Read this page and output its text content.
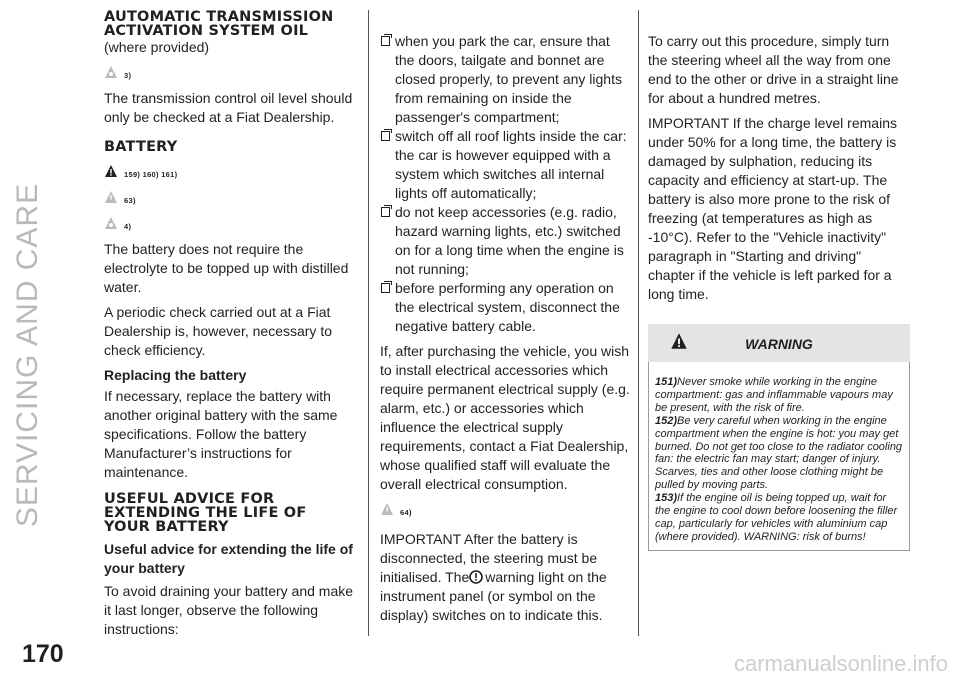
SERVICING AND CARE
170	carmanualsonline.info
AUTOMATIC TRANSMISSION ACTIVATION SYSTEM OIL
(where provided)
3)

The transmission control oil level should only be checked at a Fiat Dealership.

BATTERY
159) 160) 161)
63)
4)

The battery does not require the electrolyte to be topped up with distilled water.

A periodic check carried out at a Fiat Dealership is, however, necessary to check efficiency.

Replacing the battery

If necessary, replace the battery with another original battery with the same specifications. Follow the battery Manufacturer’s instructions for maintenance.

USEFUL ADVICE FOR EXTENDING THE LIFE OF YOUR BATTERY

Useful advice for extending the life of your battery

To avoid draining your battery and make it last longer, observe the following instructions:

when you park the car, ensure that the doors, tailgate and bonnet are closed properly, to prevent any lights from remaining on inside the passenger's compartment;

switch off all roof lights inside the car: the car is however equipped with a system which switches all internal lights off automatically;

do not keep accessories (e.g. radio, hazard warning lights, etc.) switched on for a long time when the engine is not running;

before performing any operation on the electrical system, disconnect the negative battery cable.

If, after purchasing the vehicle, you wish to install electrical accessories which require permanent electrical supply (e.g. alarm, etc.) or accessories which influence the electrical supply requirements, contact a Fiat Dealership, whose qualified staff will evaluate the overall electrical consumption.

64)

IMPORTANT After the battery is disconnected, the steering must be initialised. The warning light on the instrument panel (or symbol on the display) switches on to indicate this.

To carry out this procedure, simply turn the steering wheel all the way from one end to the other or drive in a straight line for about a hundred metres.

IMPORTANT If the charge level remains under 50% for a long time, the battery is damaged by sulphation, reducing its capacity and efficiency at start-up. The battery is also more prone to the risk of freezing (at temperatures as high as -10°C). Refer to the "Vehicle inactivity" paragraph in "Starting and driving" chapter if the vehicle is left parked for a long time.

WARNING

151)Never smoke while working in the engine compartment: gas and inflammable vapours may be present, with the risk of fire.

152)Be very careful when working in the engine compartment when the engine is hot: you may get burned. Do not get too close to the radiator cooling fan: the electric fan may start; danger of injury. Scarves, ties and other loose clothing might be pulled by moving parts.

153)If the engine oil is being topped up, wait for the engine to cool down before loosening the filler cap, particularly for vehicles with aluminium cap (where provided). WARNING: risk of burns!
